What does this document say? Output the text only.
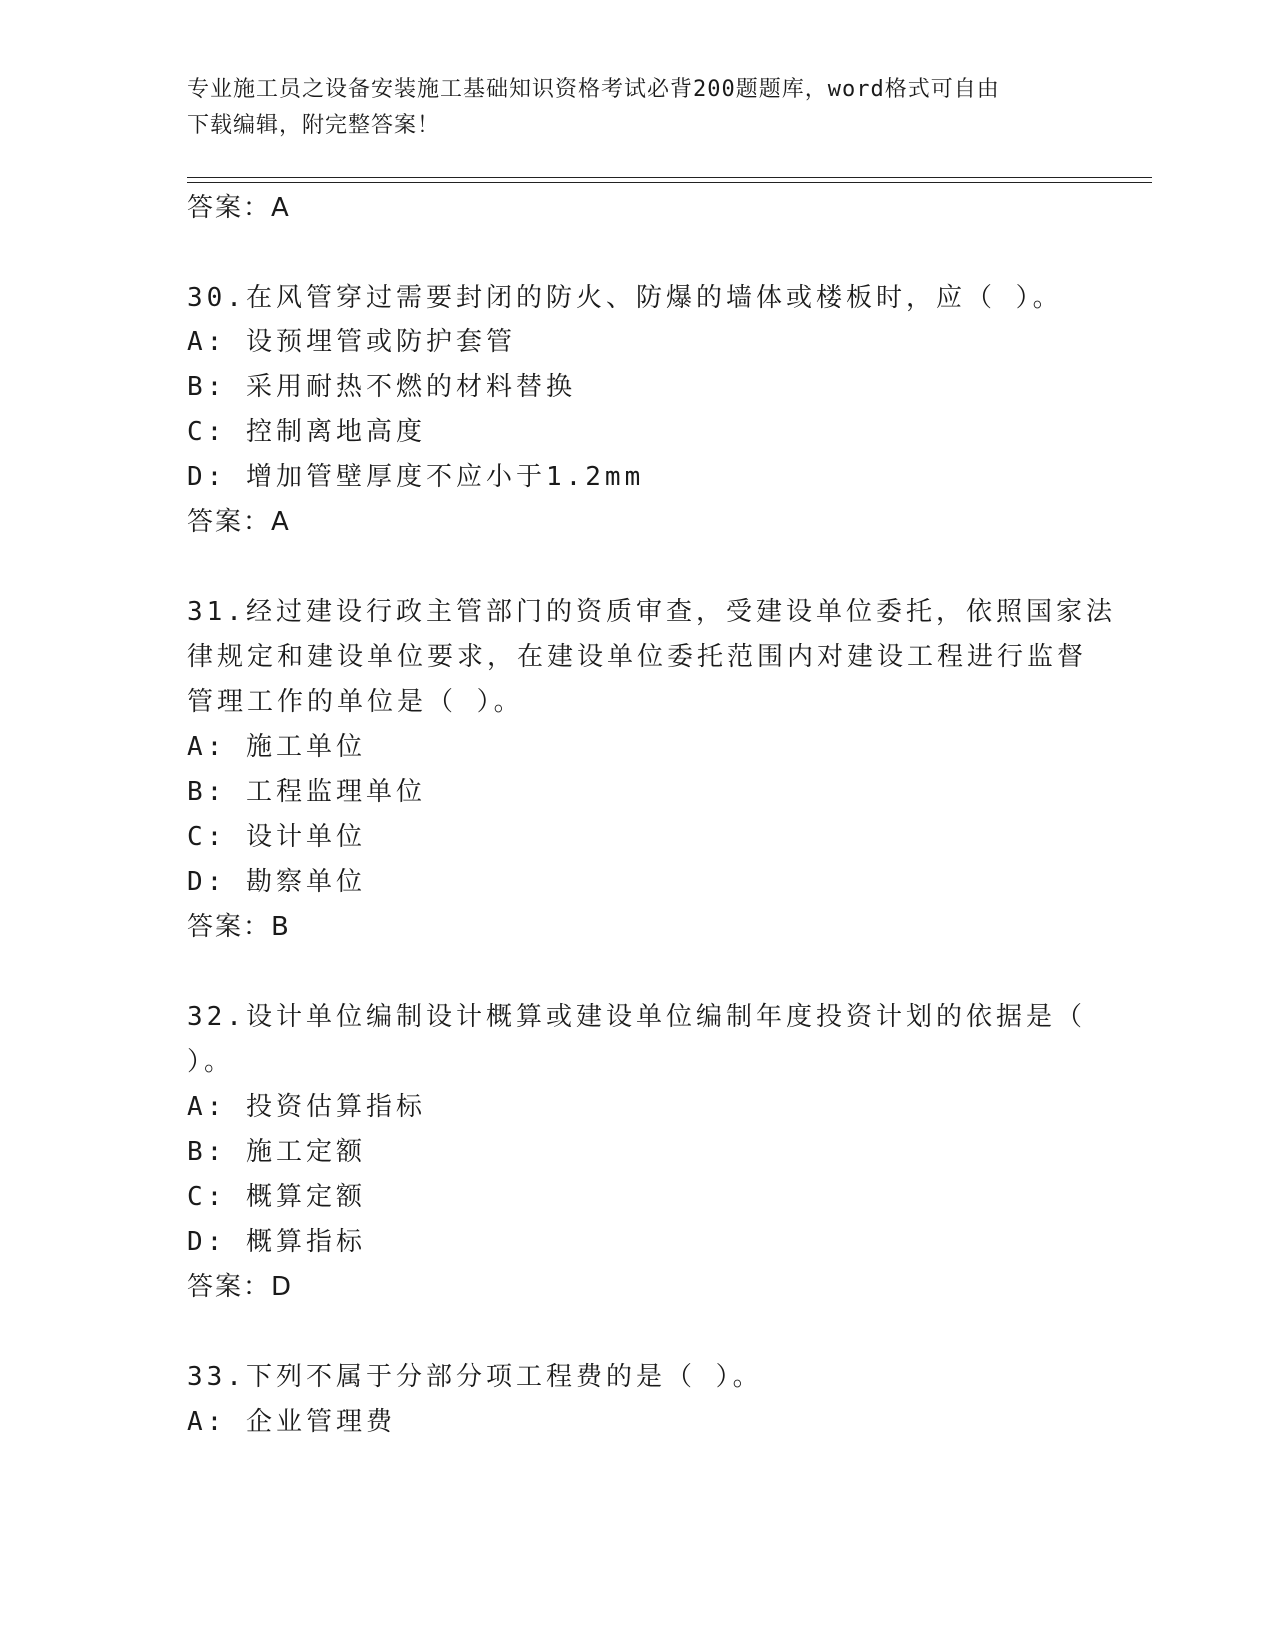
专业施工员之设备安装施工基础知识资格考试必背200题题库，word格式可自由
下载编辑，附完整答案！
答案：A
30.在风管穿过需要封闭的防火、防爆的墙体或楼板时，应（ ）。
A: 设预埋管或防护套管
B: 采用耐热不燃的材料替换
C: 控制离地高度
D: 增加管壁厚度不应小于1.2mm
答案：A
31.经过建设行政主管部门的资质审查，受建设单位委托，依照国家法
律规定和建设单位要求，在建设单位委托范围内对建设工程进行监督
管理工作的单位是（ ）。
A: 施工单位
B: 工程监理单位
C: 设计单位
D: 勘察单位
答案：B
32.设计单位编制设计概算或建设单位编制年度投资计划的依据是（
）。
A: 投资估算指标
B: 施工定额
C: 概算定额
D: 概算指标
答案：D
33.下列不属于分部分项工程费的是（ ）。
A: 企业管理费
